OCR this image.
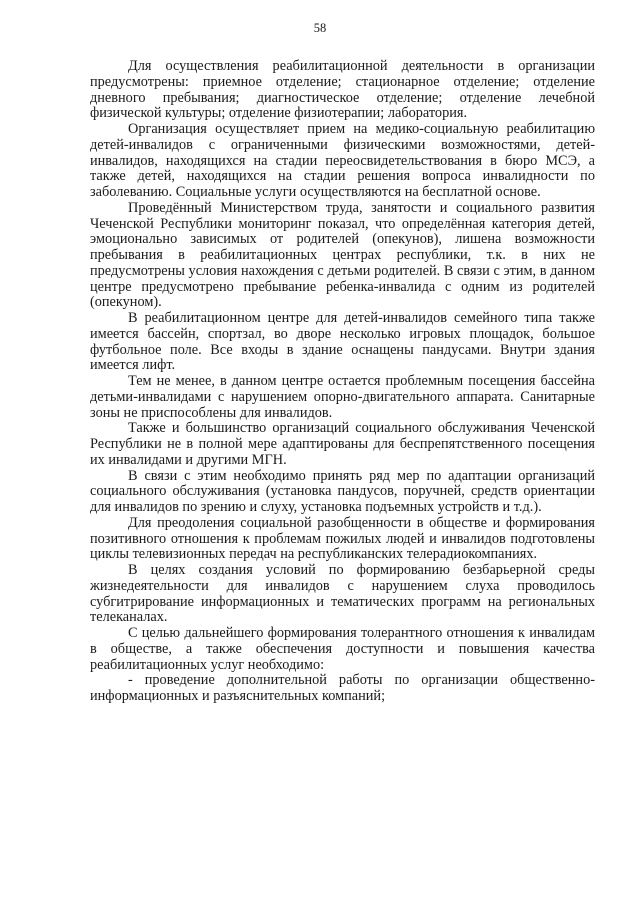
58

Для осуществления реабилитационной деятельности в организации предусмотрены: приемное отделение; стационарное отделение; отделение дневного пребывания; диагностическое отделение; отделение лечебной физической культуры; отделение физиотерапии; лаборатория.

Организация осуществляет прием на медико-социальную реабилитацию детей-инвалидов с ограниченными физическими возможностями, детей-инвалидов, находящихся на стадии переосвидетельствования в бюро МСЭ, а также детей, находящихся на стадии решения вопроса инвалидности по заболеванию. Социальные услуги осуществляются на бесплатной основе.

Проведённый Министерством труда, занятости и социального развития Чеченской Республики мониторинг показал, что определённая категория детей, эмоционально зависимых от родителей (опекунов), лишена возможности пребывания в реабилитационных центрах республики, т.к. в них не предусмотрены условия нахождения с детьми родителей. В связи с этим, в данном центре предусмотрено пребывание ребенка-инвалида с одним из родителей (опекуном).

В реабилитационном центре для детей-инвалидов семейного типа также имеется бассейн, спортзал, во дворе несколько игровых площадок, большое футбольное поле. Все входы в здание оснащены пандусами. Внутри здания имеется лифт.

Тем не менее, в данном центре остается проблемным посещения бассейна детьми-инвалидами с нарушением опорно-двигательного аппарата. Санитарные зоны не приспособлены для инвалидов.

Также и большинство организаций социального обслуживания Чеченской Республики не в полной мере адаптированы для беспрепятственного посещения их инвалидами и другими МГН.

В связи с этим необходимо принять ряд мер по адаптации организаций социального обслуживания (установка пандусов, поручней, средств ориентации для инвалидов по зрению и слуху, установка подъемных устройств и т.д.).

Для преодоления социальной разобщенности в обществе и формирования позитивного отношения к проблемам пожилых людей и инвалидов подготовлены циклы телевизионных передач на республиканских телерадиокомпаниях.

В целях создания условий по формированию безбарьерной среды жизнедеятельности для инвалидов с нарушением слуха проводилось субгитрирование информационных и тематических программ на региональных телеканалах.

С целью дальнейшего формирования толерантного отношения к инвалидам в обществе, а также обеспечения доступности и повышения качества реабилитационных услуг необходимо:

- проведение дополнительной работы по организации общественно-информационных и разъяснительных компаний;
